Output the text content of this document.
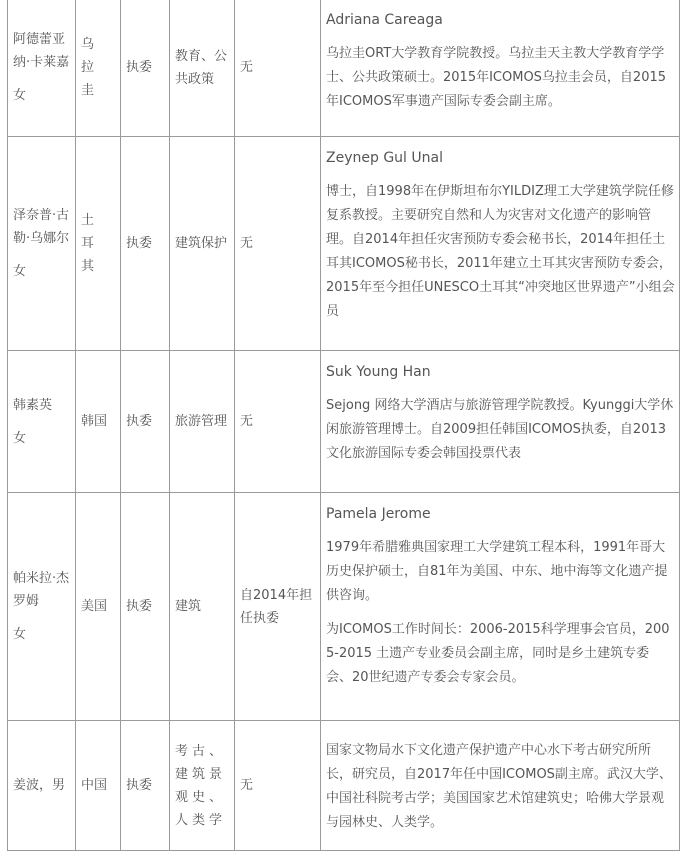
阿德蕾亚纳·卡莱嘉
女	乌拉圭	执委	教育、公共政策	无	Adriana Careaga
乌拉圭ORT大学教育学院教授。乌拉圭天主教大学教育学学士、公共政策硕士。2015年ICOMOS乌拉圭会员，自2015年ICOMOS军事遗产国际专委会副主席。

泽奈普·古勒·乌娜尔
女	土耳其	执委	建筑保护	无	Zeynep Gul Unal
博士，自1998年在伊斯坦布尔YILDIZ理工大学建筑学院任修复系教授。主要研究自然和人为灾害对文化遗产的影响管理。自2014年担任灾害预防专委会秘书长，2014年担任土耳其ICOMOS秘书长，2011年建立土耳其灾害预防专委会，2015年至今担任UNESCO土耳其“冲突地区世界遗产”小组会员

韩素英
女	韩国	执委	旅游管理	无	Suk Young Han
Sejong 网络大学酒店与旅游管理学院教授。Kyunggi大学休闲旅游管理博士。自2009担任韩国ICOMOS执委，自2013文化旅游国际专委会韩国投票代表

帕米拉·杰罗姆
女	美国	执委	建筑	自2014年担任执委	Pamela Jerome
1979年希腊雅典国家理工大学建筑工程本科，1991年哥大历史保护硕士，自81年为美国、中东、地中海等文化遗产提供咨询。
为ICOMOS工作时间长：2006-2015科学理事会官员，2005-2015 土遗产专业委员会副主席，同时是乡土建筑专委会、20世纪遗产专委会专家会员。

姜波，男	中国	执委	考古、建筑景观史、人类学	无	国家文物局水下文化遗产保护遗产中心水下考古研究所所长，研究员，自2017年任中国ICOMOS副主席。武汉大学、中国社科院考古学；美国国家艺术馆建筑史；哈佛大学景观与园林史、人类学。
